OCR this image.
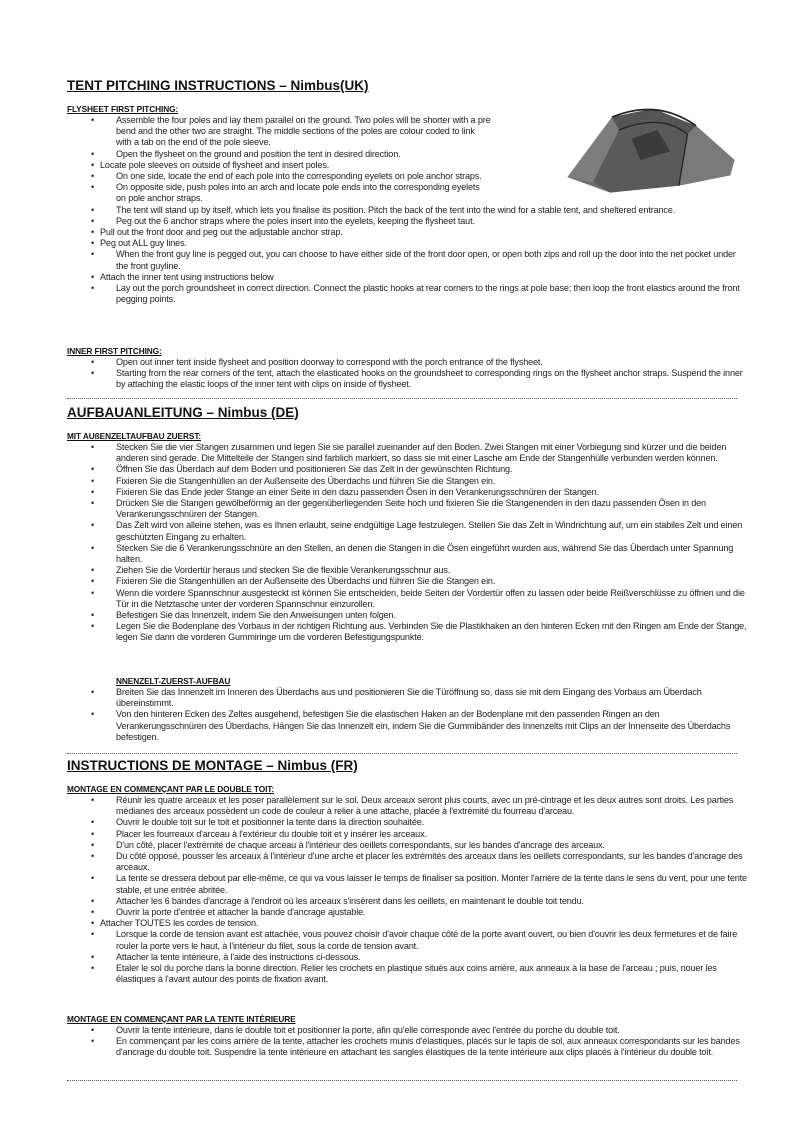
TENT PITCHING INSTRUCTIONS – Nimbus(UK)
FLYSHEET FIRST PITCHING:
• Assemble the four poles and lay them parallel on the ground. Two poles will be shorter with a pre bend and the other two are straight. The middle sections of the poles are colour coded to link with a tab on the end of the pole sleeve.
• Open the flysheet on the ground and position the tent in desired direction.
• Locate pole sleeves on outside of flysheet and insert poles.
• On one side, locate the end of each pole into the corresponding eyelets on pole anchor straps.
• On opposite side, push poles into an arch and locate pole ends into the corresponding eyelets on pole anchor straps.
• The tent will stand up by itself, which lets you finalise its position. Pitch the back of the tent into the wind for a stable tent, and sheltered entrance.
• Peg out the 6 anchor straps where the poles insert into the eyelets, keeping the flysheet taut.
• Pull out the front door and peg out the adjustable anchor strap.
• Peg out ALL guy lines.
• When the front guy line is pegged out, you can choose to have either side of the front door open, or open both zips and roll up the door into the net pocket under the front guyline.
• Attach the inner tent using instructions below
• Lay out the porch groundsheet in correct direction. Connect the plastic hooks at rear corners to the rings at pole base; then loop the front elastics around the front pegging points.
INNER FIRST PITCHING:
• Open out inner tent inside flysheet and position doorway to correspond with the porch entrance of the flysheet.
• Starting from the rear corners of the tent, attach the elasticated hooks on the groundsheet to corresponding rings on the flysheet anchor straps. Suspend the inner by attaching the elastic loops of the inner tent with clips on inside of flysheet.
AUFBAUANLEITUNG – Nimbus (DE)
MIT AUßENZELTAUFBAU ZUERST:
• Stecken Sie die vier Stangen zusammen und legen Sie sie parallel zueinander auf den Boden. Zwei Stangen mit einer Vorbiegung sind kürzer und die beiden anderen sind gerade. Die Mittelteile der Stangen sind farblich markiert, so dass sie mit einer Lasche am Ende der Stangenhülle verbunden werden können.
• Öffnen Sie das Überdach auf dem Boden und positionieren Sie das Zelt in der gewünschten Richtung.
• Fixieren Sie die Stangenhüllen an der Außenseite des Überdachs und führen Sie die Stangen ein.
• Fixieren Sie das Ende jeder Stange an einer Seite in den dazu passenden Ösen in den Verankerungsschnüren der Stangen.
• Drücken Sie die Stangen gewölbeförmig an der gegenüberliegenden Seite hoch und fixieren Sie die Stangenenden in den dazu passenden Ösen in den Verankerungsschnüren der Stangen.
• Das Zelt wird von alleine stehen, was es Ihnen erlaubt, seine endgültige Lage festzulegen. Stellen Sie das Zelt in Windrichtung auf, um ein stabiles Zelt und einen geschützten Eingang zu erhalten.
• Stecken Sie die 6 Verankerungsschnüre an den Stellen, an denen die Stangen in die Ösen eingeführt wurden aus, während Sie das Überdach unter Spannung halten.
• Ziehen Sie die Vordertür heraus und stecken Sie die flexible Verankerungsschnur aus.
• Fixieren Sie die Stangenhüllen an der Außenseite des Überdachs und führen Sie die Stangen ein.
• Wenn die vordere Spannschnur ausgesteckt ist können Sie entscheiden, beide Seiten der Vordertür offen zu lassen oder beide Reißverschlüsse zu öffnen und die Tür in die Netztasche unter der vorderen Spannschnur einzurollen.
• Befestigen Sie das Innenzelt, indem Sie den Anweisungen unten folgen.
• Legen Sie die Bodenplane des Vorbaus in der richtigen Richtung aus. Verbinden Sie die Plastikhaken an den hinteren Ecken mit den Ringen am Ende der Stange, legen Sie dann die vorderen Gummiringe um die vorderen Befestigungspunkte.
NNENZELT-ZUERST-AUFBAU
• Breiten Sie das Innenzelt im Inneren des Überdachs aus und positionieren Sie die Türöffnung so, dass sie mit dem Eingang des Vorbaus am Überdach übereinstimmt.
• Von den hinteren Ecken des Zeltes ausgehend, befestigen Sie die elastischen Haken an der Bodenplane mit den passenden Ringen an den Verankerungsschnüren des Überdachs. Hängen Sie das Innenzelt ein, indem Sie die Gummibänder des Innenzelts mit Clips an der Innenseite des Überdachs befestigen.
INSTRUCTIONS DE MONTAGE – Nimbus (FR)
MONTAGE EN COMMENÇANT PAR LE DOUBLE TOIT:
• Réunir les quatre arceaux et les poser parallèlement sur le sol. Deux arceaux seront plus courts, avec un pré-cintrage et les deux autres sont droits. Les parties médianes des arceaux possèdent un code de couleur à relier à une attache, placée à l'extrémité du fourreau d'arceau.
• Ouvrir le double toit sur le toit et positionner la tente dans la direction souhaitée.
• Placer les fourreaux d'arceau à l'extérieur du double toit et y insérer les arceaux.
• D'un côté, placer l'extrémité de chaque arceau à l'intérieur des oeillets correspondants, sur les bandes d'ancrage des arceaux.
• Du côté opposé, pousser les arceaux à l'intérieur d'une arche et placer les extrémités des arceaux dans les oeillets correspondants, sur les bandes d'ancrage des arceaux.
• La tente se dressera debout par elle-même, ce qui va vous laisser le temps de finaliser sa position. Monter l'arrière de la tente dans le sens du vent, pour une tente stable, et une entrée abritée.
• Attacher les 6 bandes d'ancrage à l'endroit où les arceaux s'insèrent dans les oeillets, en maintenant le double toit tendu.
• Ouvrir la porte d'entrée et attacher la bande d'ancrage ajustable.
• Attacher TOUTES les cordes de tension.
• Lorsque la corde de tension avant est attachée, vous pouvez choisir d'avoir chaque côté de la porte avant ouvert, ou bien d'ouvrir les deux fermetures et de faire rouler la porte vers le haut, à l'intérieur du filet, sous la corde de tension avant.
• Attacher la tente intérieure, à l'aide des instructions ci-dessous.
• Etaler le sol du porche dans la bonne direction. Relier les crochets en plastique situés aux coins arrière, aux anneaux à la base de l'arceau ; puis, nouer les élastiques à l'avant autour des points de fixation avant.
MONTAGE EN COMMENÇANT PAR LA TENTE INTÉRIEURE
• Ouvrir la tente intérieure, dans le double toit et positionner la porte, afin qu'elle corresponde avec l'entrée du porche du double toit.
• En commençant par les coins arrière de la tente, attacher les crochets munis d'élastiques, placés sur le tapis de sol, aux anneaux correspondants sur les bandes d'ancrage du double toit. Suspendre la tente intérieure en attachant les sangles élastiques de la tente intérieure aux clips placés à l'intérieur du double toit.
